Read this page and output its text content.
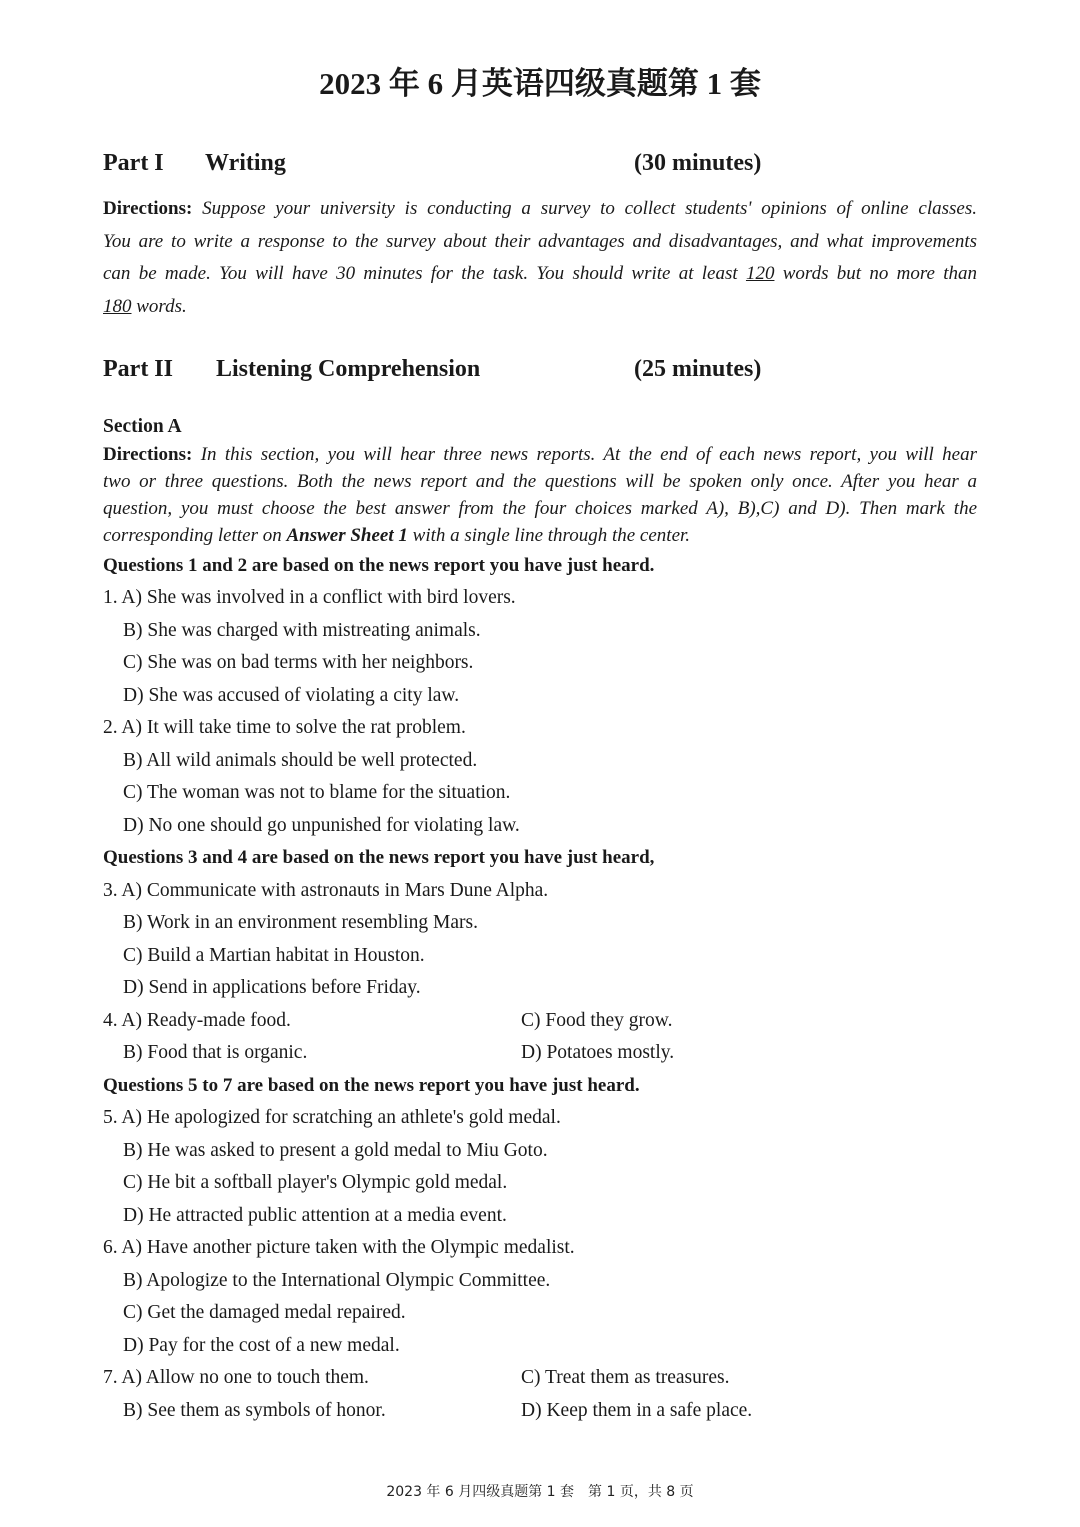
2023 年 6 月英语四级真题第 1 套
Part I Writing	(30 minutes)
Directions: Suppose your university is conducting a survey to collect students' opinions of online classes.
You are to write a response to the survey about their advantages and disadvantages, and what improvements
can be made. You will have 30 minutes for the task. You should write at least 120 words but no more than
180 words.
Part II Listening Comprehension	(25 minutes)
Section A
Directions: In this section, you will hear three news reports. At the end of each news report, you will hear
two or three questions. Both the news report and the questions will be spoken only once. After you hear a
question, you must choose the best answer from the four choices marked A), B),C) and D). Then mark the
corresponding letter on Answer Sheet 1 with a single line through the center.
Questions 1 and 2 are based on the news report you have just heard.
1. A) She was involved in a conflict with bird lovers.
B) She was charged with mistreating animals.
C) She was on bad terms with her neighbors.
D) She was accused of violating a city law.
2. A) It will take time to solve the rat problem.
B) All wild animals should be well protected.
C) The woman was not to blame for the situation.
D) No one should go unpunished for violating law.
Questions 3 and 4 are based on the news report you have just heard,
3. A) Communicate with astronauts in Mars Dune Alpha.
B) Work in an environment resembling Mars.
C) Build a Martian habitat in Houston.
D) Send in applications before Friday.
4. A) Ready-made food.
B) Food that is organic.
C) Food they grow.
D) Potatoes mostly.
Questions 5 to 7 are based on the news report you have just heard.
5. A) He apologized for scratching an athlete's gold medal.
B) He was asked to present a gold medal to Miu Goto.
C) He bit a softball player's Olympic gold medal.
D) He attracted public attention at a media event.
6. A) Have another picture taken with the Olympic medalist.
B) Apologize to the International Olympic Committee.
C) Get the damaged medal repaired.
D) Pay for the cost of a new medal.
7. A) Allow no one to touch them.
B) See them as symbols of honor.
C) Treat them as treasures.
D) Keep them in a safe place.
2023 年 6 月四级真题第 1 套　第 1 页，共 8 页
